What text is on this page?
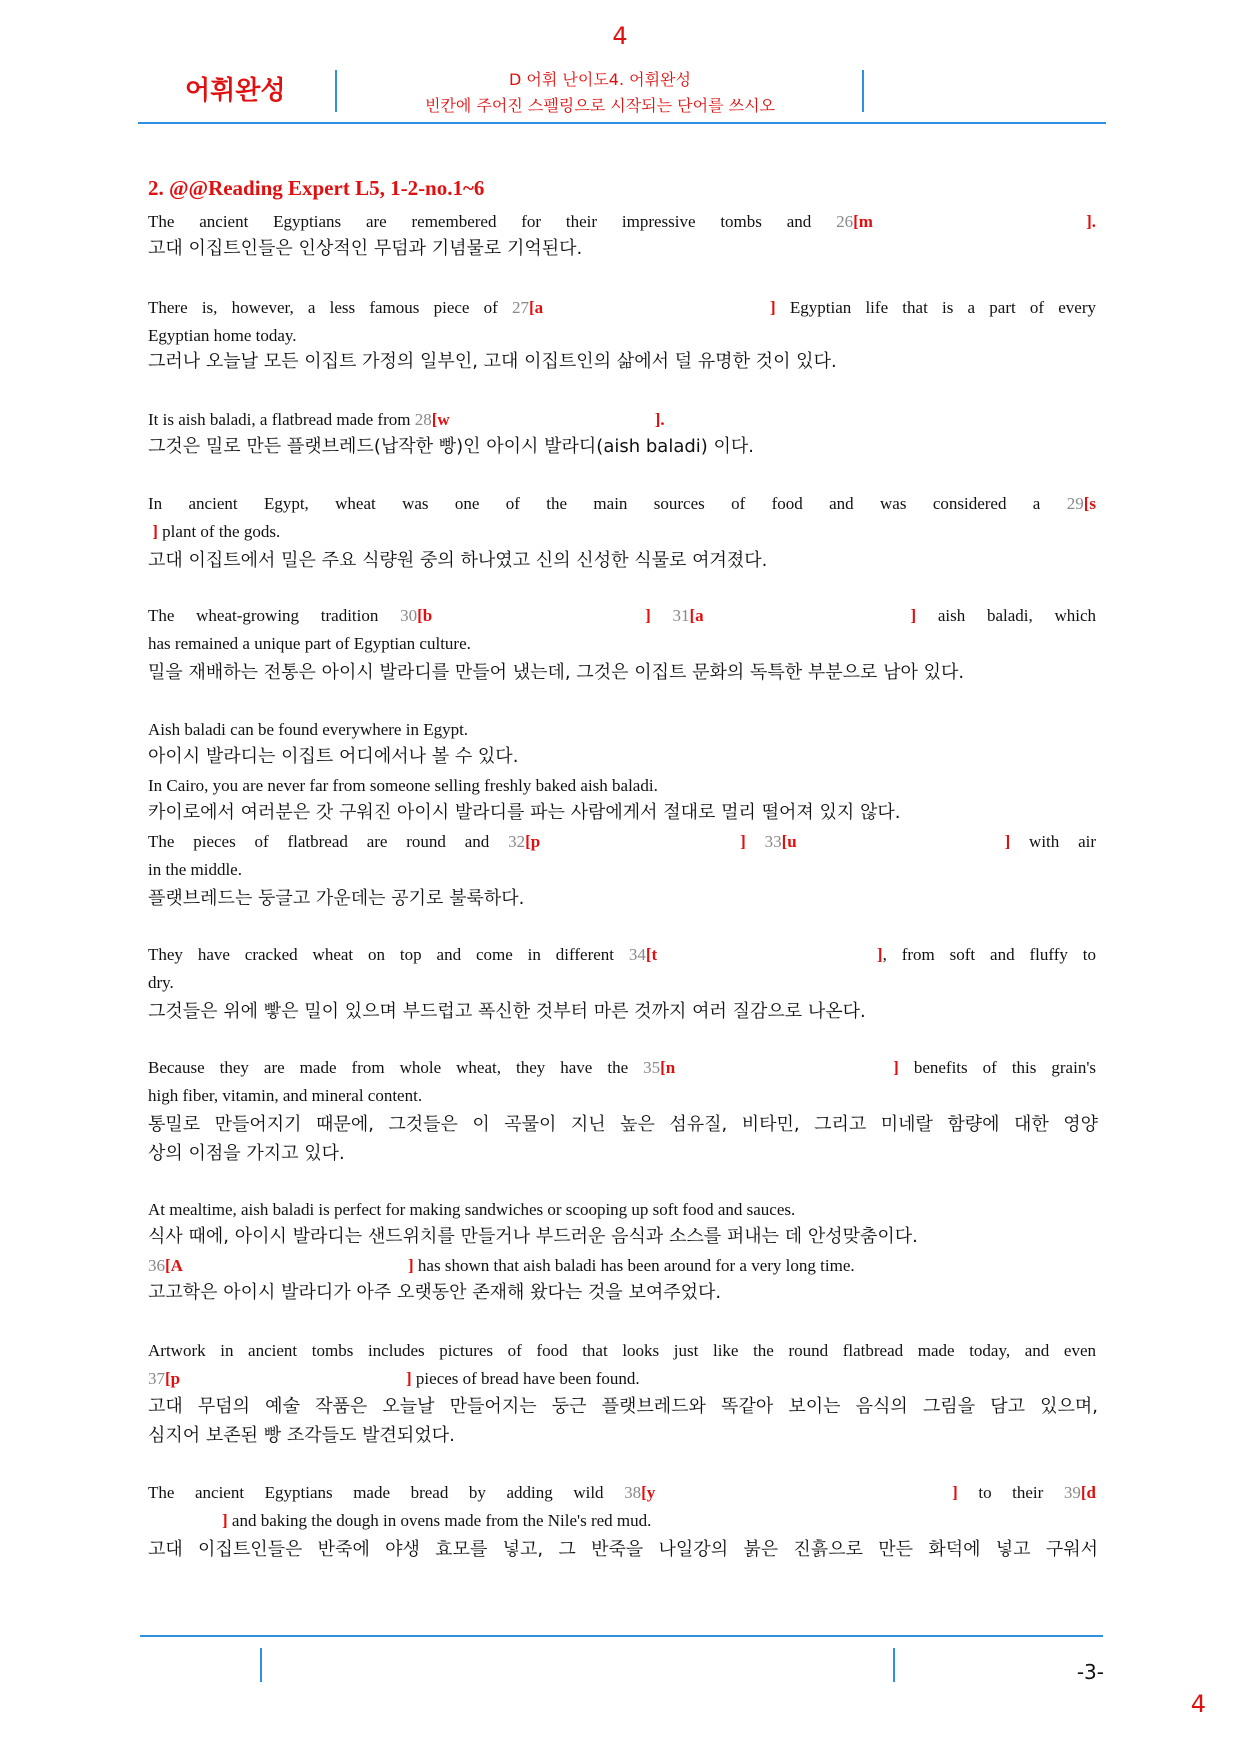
4
어휘완성	D 어휘 난이도4. 어휘완성
빈칸에 주어진 스펠링으로 시작되는 단어를 쓰시오
2. @@Reading Expert L5, 1-2-no.1~6
The ancient Egyptians are remembered for their impressive tombs and 26[m	].
고대 이집트인들은 인상적인 무덤과 기념물로 기억된다.
There is, however, a less famous piece of 27[a	] Egyptian life that is a part of every
Egyptian home today.
그러나 오늘날 모든 이집트 가정의 일부인, 고대 이집트인의 삶에서 덜 유명한 것이 있다.
It is aish baladi, a flatbread made from 28[w	].
그것은 밀로 만든 플랫브레드(납작한 빵)인 아이시 발라디(aish baladi) 이다.
In ancient Egypt, wheat was one of the main sources of food and was considered a 29[s
] plant of the gods.
고대 이집트에서 밀은 주요 식량원 중의 하나였고 신의 신성한 식물로 여겨졌다.
The wheat-growing tradition 30[b	] 31[a	] aish baladi, which
has remained a unique part of Egyptian culture.
밀을 재배하는 전통은 아이시 발라디를 만들어 냈는데, 그것은 이집트 문화의 독특한 부분으로 남아 있다.
Aish baladi can be found everywhere in Egypt.
아이시 발라디는 이집트 어디에서나 볼 수 있다.
In Cairo, you are never far from someone selling freshly baked aish baladi.
카이로에서 여러분은 갓 구워진 아이시 발라디를 파는 사람에게서 절대로 멀리 떨어져 있지 않다.
The pieces of flatbread are round and 32[p	] 33[u	] with air
in the middle.
플랫브레드는 둥글고 가운데는 공기로 불룩하다.
They have cracked wheat on top and come in different 34[t	], from soft and fluffy to
dry.
그것들은 위에 빻은 밀이 있으며 부드럽고 폭신한 것부터 마른 것까지 여러 질감으로 나온다.
Because they are made from whole wheat, they have the 35[n	] benefits of this grain's
high fiber, vitamin, and mineral content.
통밀로 만들어지기 때문에, 그것들은 이 곡물이 지닌 높은 섬유질, 비타민, 그리고 미네랄 함량에 대한 영양
상의 이점을 가지고 있다.
At mealtime, aish baladi is perfect for making sandwiches or scooping up soft food and sauces.
식사 때에, 아이시 발라디는 샌드위치를 만들거나 부드러운 음식과 소스를 퍼내는 데 안성맞춤이다.
36[A	] has shown that aish baladi has been around for a very long time.
고고학은 아이시 발라디가 아주 오랫동안 존재해 왔다는 것을 보여주었다.
Artwork in ancient tombs includes pictures of food that looks just like the round flatbread made today, and even
37[p	] pieces of bread have been found.
고대 무덤의 예술 작품은 오늘날 만들어지는 둥근 플랫브레드와 똑같아 보이는 음식의 그림을 담고 있으며,
심지어 보존된 빵 조각들도 발견되었다.
The ancient Egyptians made bread by adding wild 38[y	] to their 39[d
] and baking the dough in ovens made from the Nile's red mud.
고대 이집트인들은 반죽에 야생 효모를 넣고, 그 반죽을 나일강의 붉은 진흙으로 만든 화덕에 넣고 구워서
-3-
4
